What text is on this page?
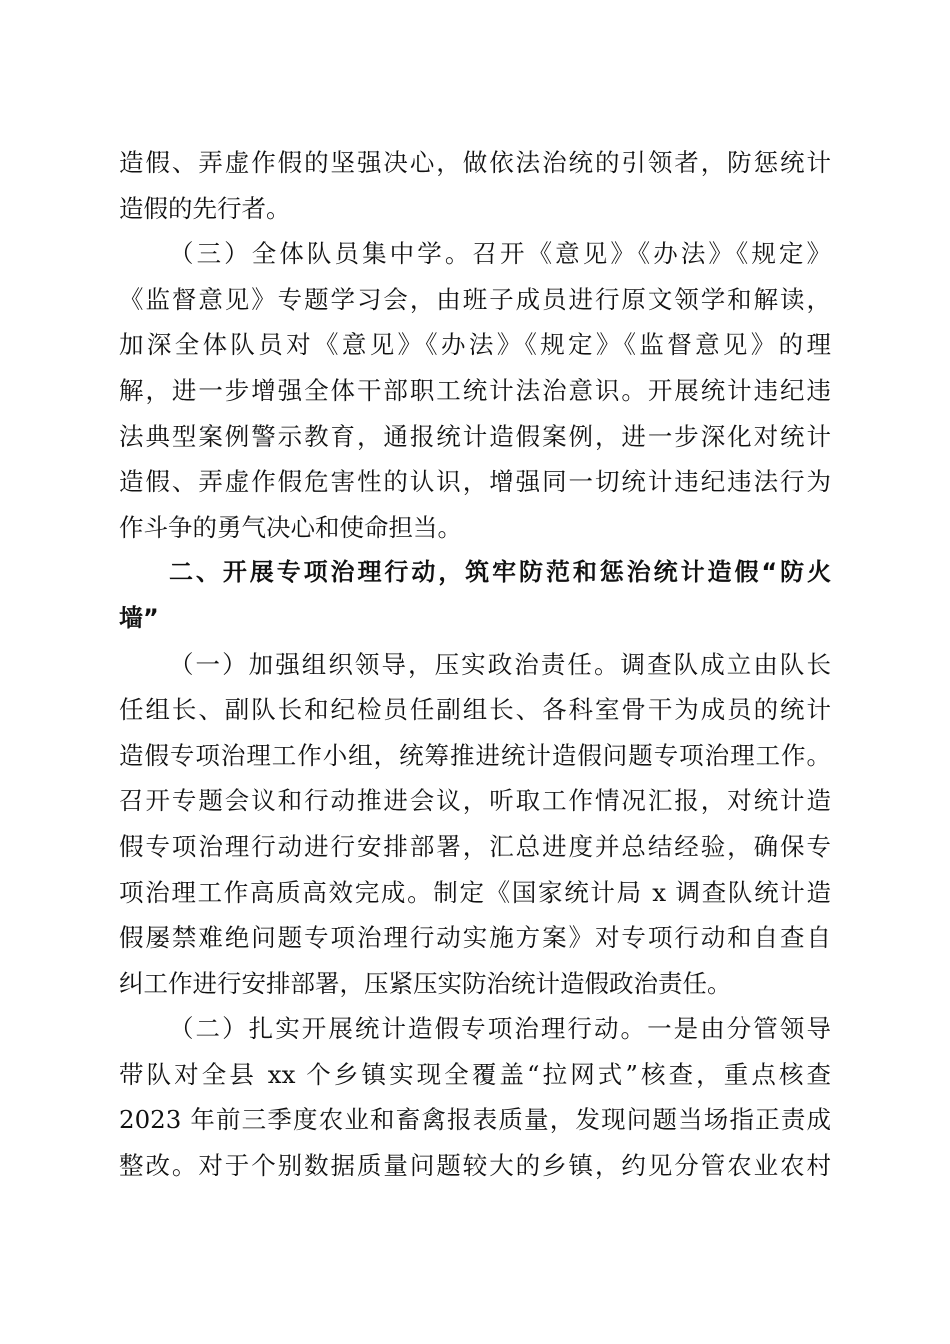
造假、弄虚作假的坚强决心，做依法治统的引领者，防惩统计
造假的先行者。
（三）全体队员集中学。召开《意见》《办法》《规定》
《监督意见》专题学习会，由班子成员进行原文领学和解读，
加深全体队员对《意见》《办法》《规定》《监督意见》的理
解，进一步增强全体干部职工统计法治意识。开展统计违纪违
法典型案例警示教育，通报统计造假案例，进一步深化对统计
造假、弄虚作假危害性的认识，增强同一切统计违纪违法行为
作斗争的勇气决心和使命担当。
二、开展专项治理行动，筑牢防范和惩治统计造假“防火
墙”
（一）加强组织领导，压实政治责任。调查队成立由队长
任组长、副队长和纪检员任副组长、各科室骨干为成员的统计
造假专项治理工作小组，统筹推进统计造假问题专项治理工作。
召开专题会议和行动推进会议，听取工作情况汇报，对统计造
假专项治理行动进行安排部署，汇总进度并总结经验，确保专
项治理工作高质高效完成。制定《国家统计局 x 调查队统计造
假屡禁难绝问题专项治理行动实施方案》对专项行动和自查自
纠工作进行安排部署，压紧压实防治统计造假政治责任。
（二）扎实开展统计造假专项治理行动。一是由分管领导
带队对全县 xx 个乡镇实现全覆盖“拉网式”核查，重点核查
2023 年前三季度农业和畜禽报表质量，发现问题当场指正责成
整改。对于个别数据质量问题较大的乡镇，约见分管农业农村
